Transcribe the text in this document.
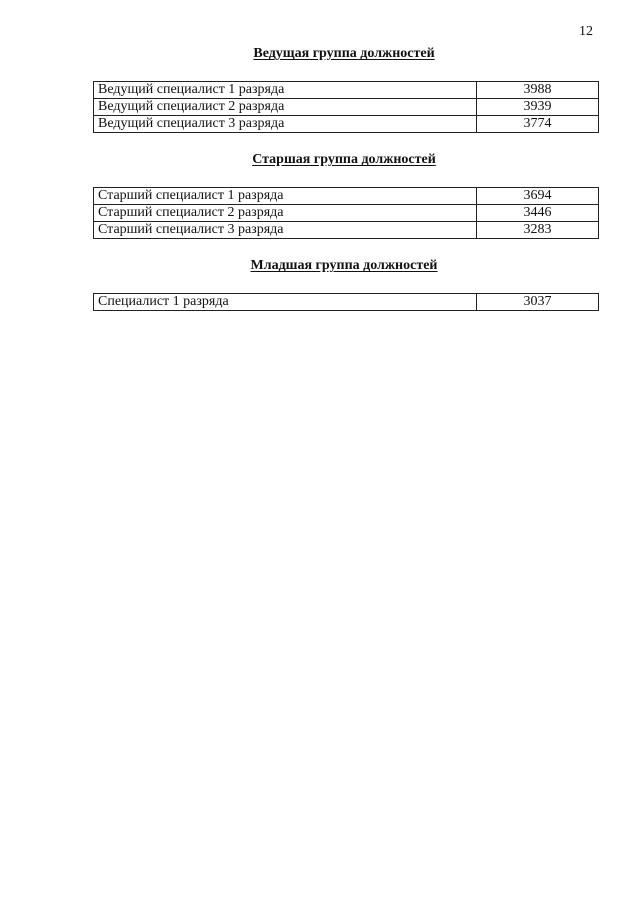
12
Ведущая группа должностей
Ведущий специалист 1 разряда	3988
Ведущий специалист 2 разряда	3939
Ведущий специалист 3 разряда	3774
Старшая группа должностей
Старший специалист 1 разряда	3694
Старший специалист 2 разряда	3446
Старший специалист 3 разряда	3283
Младшая группа должностей
Специалист 1 разряда	3037
